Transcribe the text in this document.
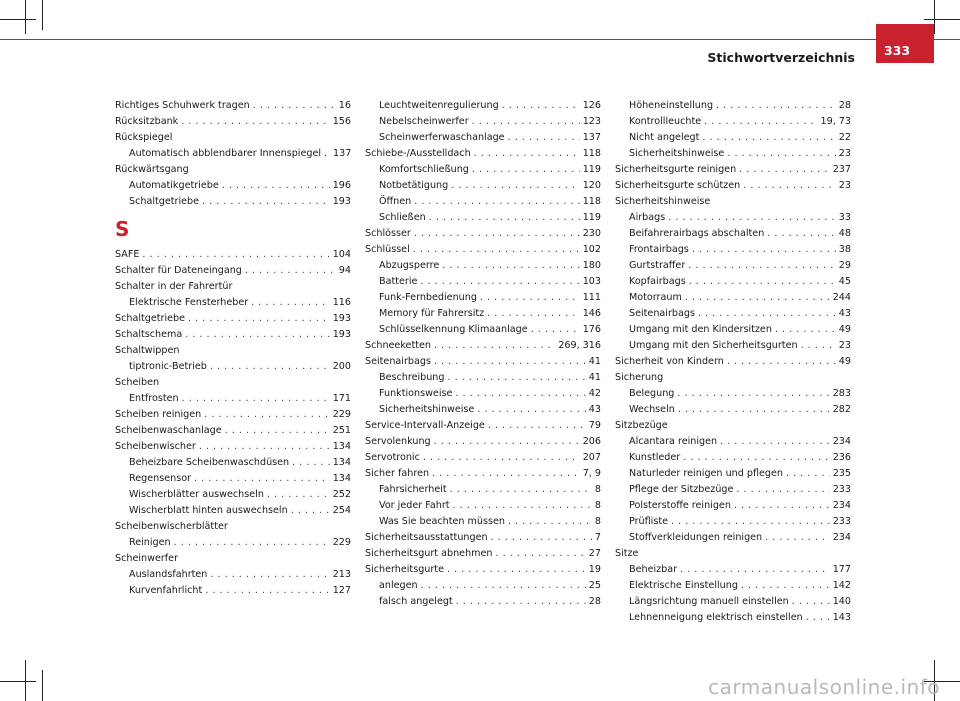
Stichwortverzeichnis 333
Richtiges Schuhwerk tragen . . .	16
Rücksitzbank . . .	156
Rückspiegel
Automatisch abblendbarer Innenspiegel . . . 137
Rückwärtsgang
Automatikgetriebe . . .	196
Schaltgetriebe . . .	193
S
SAFE . . .	104
Schalter für Dateneingang . . .	94
Schalter in der Fahrertür
Elektrische Fensterheber . . .	116
Schaltgetriebe . . .	193
Schaltschema . . .	193
Schaltwippen
tiptronic-Betrieb . . .	200
Scheiben
Entfrosten . . .	171
Scheiben reinigen . . .	229
Scheibenwaschanlage . . .	251
Scheibenwischer . . .	134
Beheizbare Scheibenwaschdüsen . . .	134
Regensensor . . .	134
Wischerblätter auswechseln . . .	252
Wischerblatt hinten auswechseln . . .	254
Scheibenwischerblätter
Reinigen . . .	229
Scheinwerfer
Auslandsfahrten . . .	213
Kurvenfahrlicht . . .	127
Leuchtweitenregulierung . . .	126
Nebelscheinwerfer . . .	123
Scheinwerferwaschanlage . . .	137
Schiebe-/Ausstelldach . . .	118
Komfortschließung . . .	119
Notbetätigung . . .	120
Öffnen . . .	118
Schließen . . .	119
Schlösser . . .	230
Schlüssel . . .	102
Abzugsperre . . .	180
Batterie . . .	103
Funk-Fernbedienung . . .	111
Memory für Fahrersitz . . .	146
Schlüsselkennung Klimaanlage . . .	176
Schneeketten . . .	269, 316
Seitenairbags . . .	41
Beschreibung . . .	41
Funktionsweise . . .	42
Sicherheitshinweise . . .	43
Service-Intervall-Anzeige . . .	79
Servolenkung . . .	206
Servotronic . . .	207
Sicher fahren . . .	7, 9
Fahrsicherheit . . .	8
Vor jeder Fahrt . . .	8
Was Sie beachten müssen . . .	8
Sicherheitsausstattungen . . .	7
Sicherheitsgurt abnehmen . . .	27
Sicherheitsgurte . . .	19
anlegen . . .	25
falsch angelegt . . .	28
Höheneinstellung . . .	28
Kontrollleuchte . . .	19, 73
Nicht angelegt . . .	22
Sicherheitshinweise . . .	23
Sicherheitsgurte reinigen . . .	237
Sicherheitsgurte schützen . . .	23
Sicherheitshinweise
Airbags . . .	33
Beifahrerairbags abschalten . . .	48
Frontairbags . . .	38
Gurtstraffer . . .	29
Kopfairbags . . .	45
Motorraum . . .	244
Seitenairbags . . .	43
Umgang mit den Kindersitzen . . .	49
Umgang mit den Sicherheitsgurten . . .	23
Sicherheit von Kindern . . .	49
Sicherung
Belegung . . .	283
Wechseln . . .	282
Sitzbezüge
Alcantara reinigen . . .	234
Kunstleder . . .	236
Naturleder reinigen und pflegen . . .	235
Pflege der Sitzbezüge . . .	233
Polsterstoffe reinigen . . .	234
Prüfliste . . .	233
Stoffverkleidungen reinigen . . .	234
Sitze
Beheizbar . . .	177
Elektrische Einstellung . . .	142
Längsrichtung manuell einstellen . . .	140
Lehnenneigung elektrisch einstellen . . .	143
carmanualsonline.info
